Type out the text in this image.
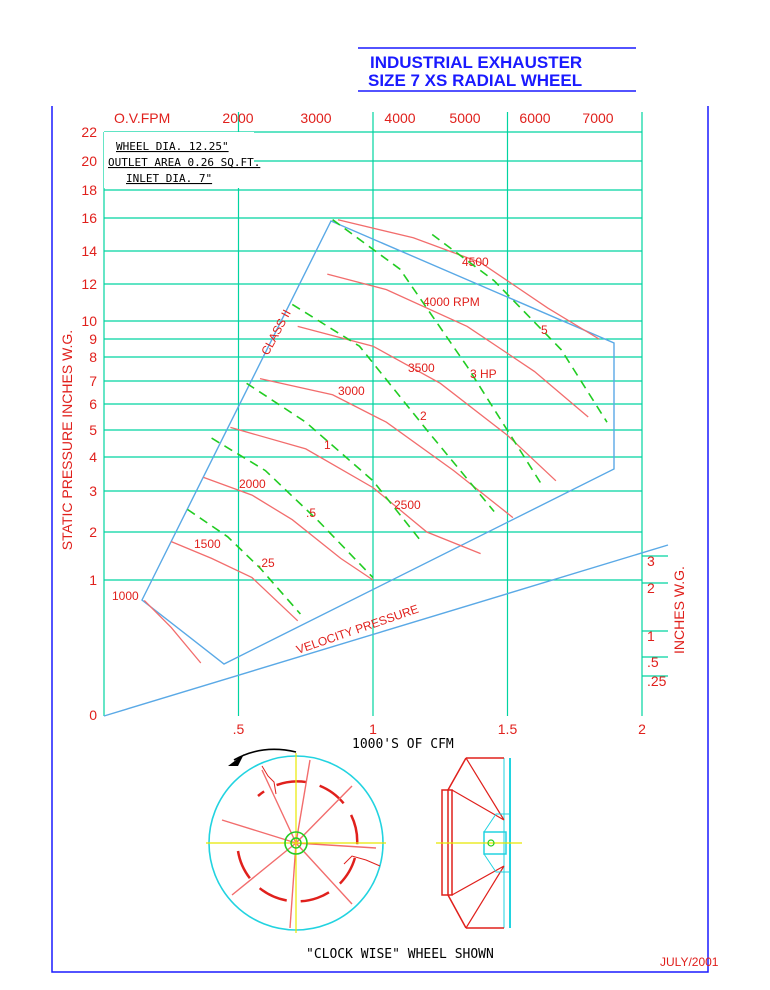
INDUSTRIAL EXHAUSTER
SIZE 7 XS RADIAL WHEEL
1000
1500
2000
2500
3000
3500
4000 RPM
4500
.25
.5
1
2
3 HP
5
O.V.FPM	2000	3000	4000 5000	6000 7000
1
2
3
4
5
6
7
8
9
10
12
14
16
18
20
22
0
.5	1	1.5	2
3
2
1
.5
.25
STATIC PRESSURE INCHES W.G.
INCHES W.G.
1000'S OF CFM
WHEEL DIA. 12.25"
OUTLET AREA 0.26 SQ.FT.
INLET DIA. 7"
CLASS II
VELOCITY PRESSURE
"CLOCK WISE" WHEEL SHOWN	JULY/2001
